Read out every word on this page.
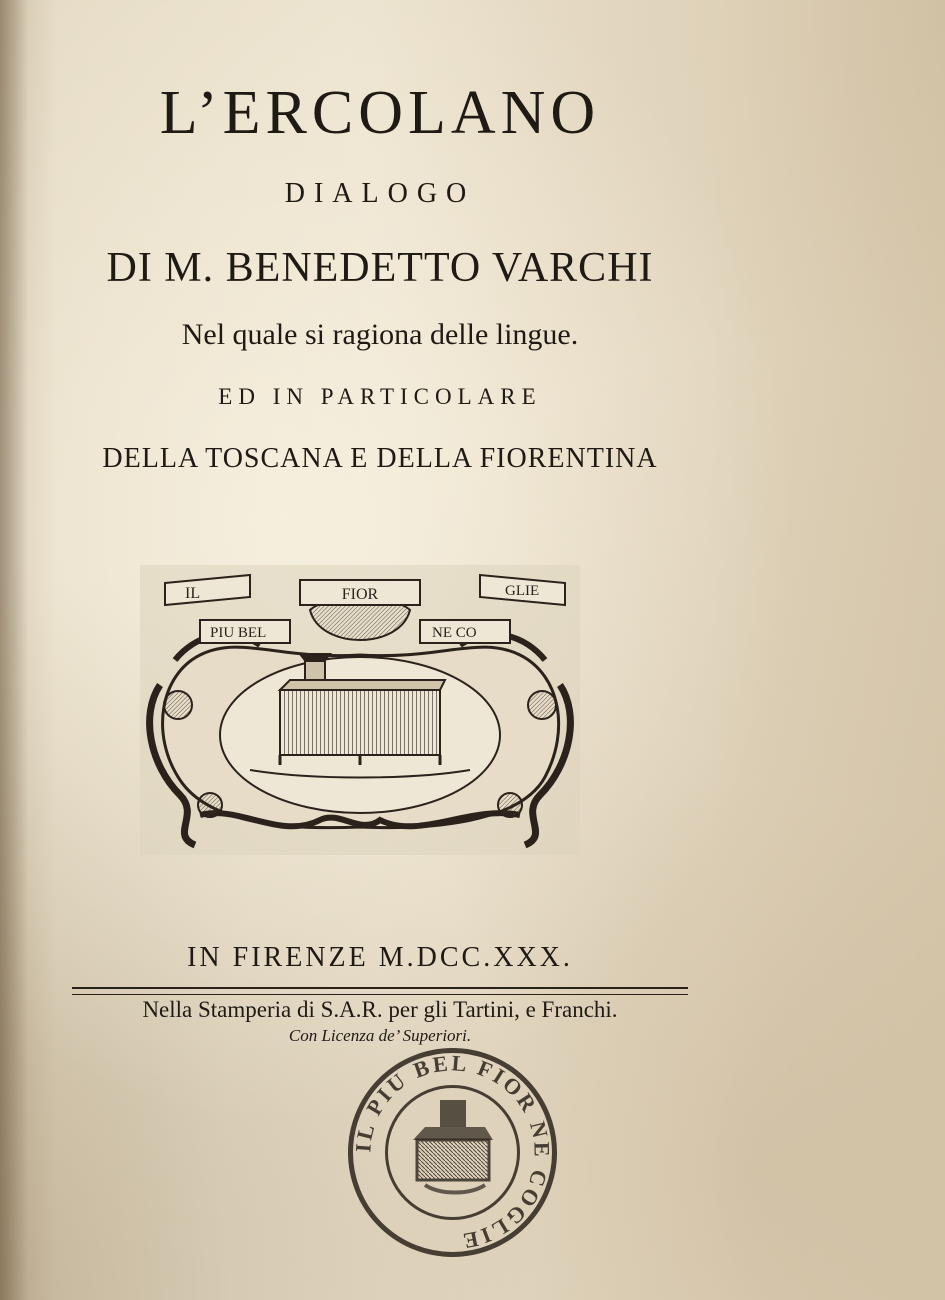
L’ERCOLANO

DIALOGO

DI M. BENEDETTO VARCHI

Nel quale si ragiona delle lingue.

ED IN PARTICOLARE

DELLA TOSCANA E DELLA FIORENTINA

IL	FIOR	GLIE
PIU BEL	NE CO

IN FIRENZE M.DCC.XXX.

Nella Stamperia di S.A.R. per gli Tartini, e Franchi.

Con Licenza de’ Superiori.

IL PIU BEL FIOR NE COGLIE
